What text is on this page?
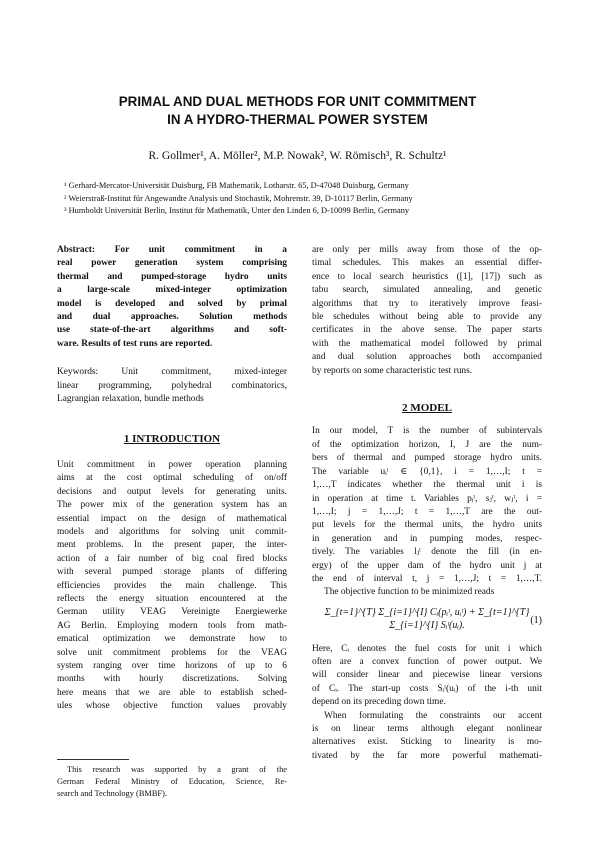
PRIMAL AND DUAL METHODS FOR UNIT COMMITMENT
IN A HYDRO-THERMAL POWER SYSTEM
R. Gollmer¹, A. Möller², M.P. Nowak², W. Römisch³, R. Schultz¹
¹ Gerhard-Mercator-Universität Duisburg, FB Mathematik, Lotharstr. 65, D-47048 Duisburg, Germany
² Weierstraß-Institut für Angewandte Analysis und Stochastik, Mohrenstr. 39, D-10117 Berlin, Germany
³ Humboldt Universität Berlin, Institut für Mathematik, Unter den Linden 6, D-10099 Berlin, Germany
Abstract: For unit commitment in a
real power generation system comprising
thermal and pumped-storage hydro units
a large-scale mixed-integer optimization
model is developed and solved by primal
and dual approaches. Solution methods
use state-of-the-art algorithms and soft-
ware. Results of test runs are reported.
Keywords: Unit commitment, mixed-integer
linear programming, polyhedral combinatorics,
Lagrangian relaxation, bundle methods
1 INTRODUCTION
Unit commitment in power operation planning
aims at the cost optimal scheduling of on/off
decisions and output levels for generating units.
The power mix of the generation system has an
essential impact on the design of mathematical
models and algorithms for solving unit commit-
ment problems. In the present paper, the inter-
action of a fair number of big coal fired blocks
with several pumped storage plants of differing
efficiencies provides the main challenge. This
reflects the energy situation encountered at the
German utility VEAG Vereinigte Energiewerke
AG Berlin. Employing modern tools from math-
ematical optimization we demonstrate how to
solve unit commitment problems for the VEAG
system ranging over time horizons of up to 6
months with hourly discretizations. Solving
here means that we are able to establish sched-
ules whose objective function values provably
This research was supported by a grant of the
German Federal Ministry of Education, Science, Re-
search and Technology (BMBF).
are only per mills away from those of the op-
timal schedules. This makes an essential differ-
ence to local search heuristics ([1], [17]) such as
tabu search, simulated annealing, and genetic
algorithms that try to iteratively improve feasi-
ble schedules without being able to provide any
certificates in the above sense. The paper starts
with the mathematical model followed by primal
and dual solution approaches both accompanied
by reports on some characteristic test runs.
2 MODEL
In our model, T is the number of subintervals
of the optimization horizon, I, J are the num-
bers of thermal and pumped storage hydro units.
The variable uᵢᵗ ∈ {0,1}, i = 1,…,I; t =
1,…,T indicates whether the thermal unit i is
in operation at time t. Variables pᵢᵗ, sⱼᵗ, wⱼᵗ, i =
1,…,I; j = 1,…,J; t = 1,…,T are the out-
put levels for the thermal units, the hydro units
in generation and in pumping modes, respec-
tively. The variables lⱼᵗ denote the fill (in en-
ergy) of the upper dam of the hydro unit j at
the end of interval t, j = 1,…,J; t = 1,…,T.
The objective function to be minimized reads
Σ_{t=1}^{T} Σ_{i=1}^{I} Cᵢ(pᵢᵗ, uᵢᵗ) + Σ_{t=1}^{T} Σ_{i=1}^{I} Sᵢᵗ(uᵢ).	(1)
Here, Cᵢ denotes the fuel costs for unit i which
often are a convex function of power output. We
will consider linear and piecewise linear versions
of Cᵢ. The start-up costs Sᵢᵗ(uᵢ) of the i-th unit
depend on its preceding down time.
When formulating the constraints our accent
is on linear terms although elegant nonlinear
alternatives exist. Sticking to linearity is mo-
tivated by the far more powerful mathemati-
